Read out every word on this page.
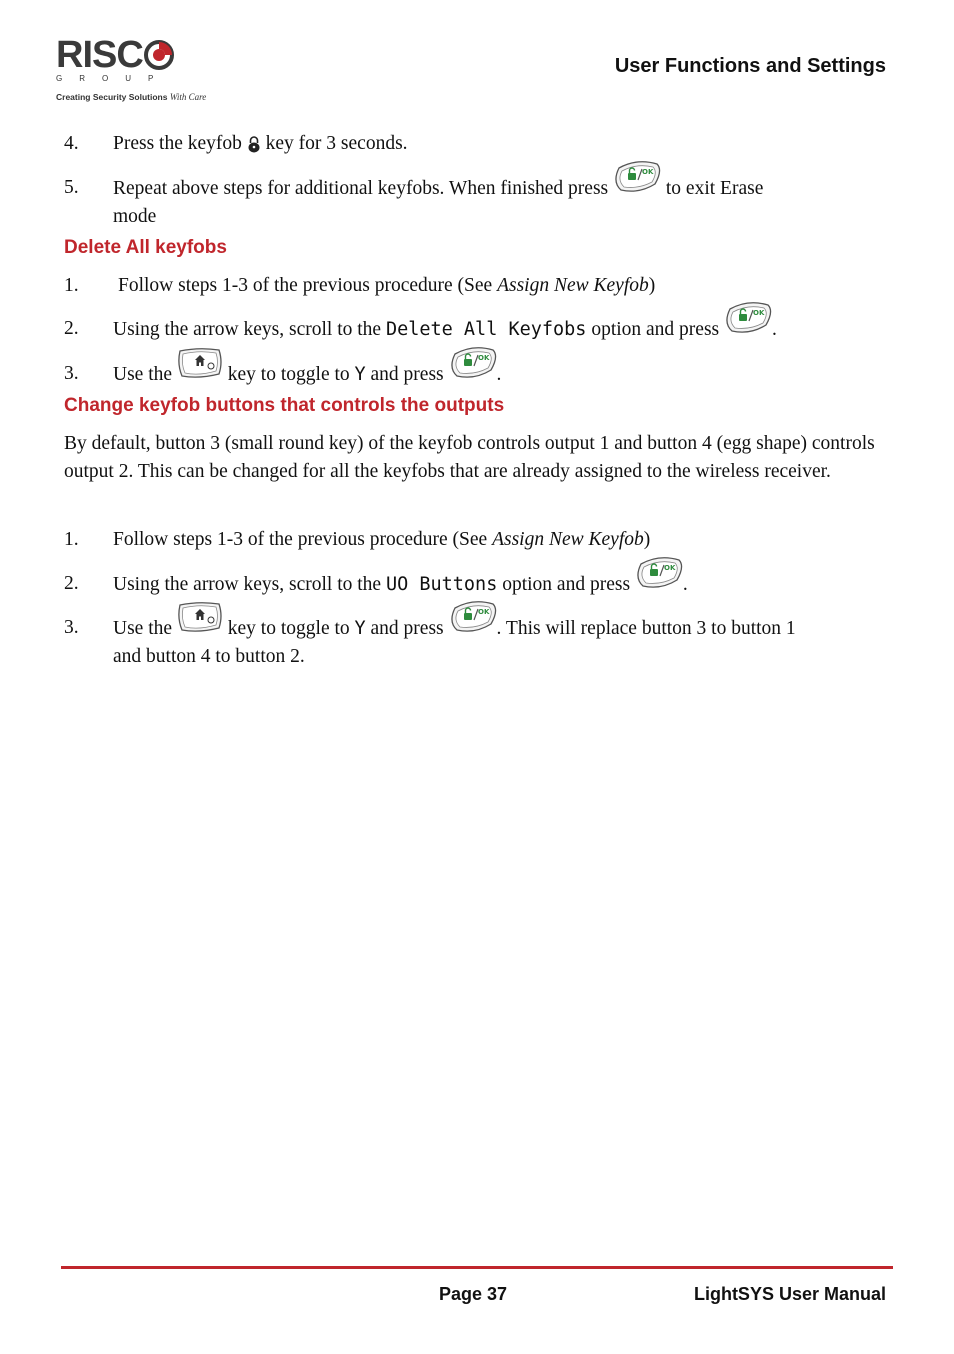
RISC
GROUP
Creating Security Solutions With Care
User Functions and Settings
4.	Press the keyfob  key for 3 seconds.
5.	Repeat above steps for additional keyfobs. When finished press  to exit Erase
mode
Delete All keyfobs
1.	Follow steps 1-3 of the previous procedure (See Assign New Keyfob)
2.	Using the arrow keys, scroll to the Delete All Keyfobs option and press .
3.	Use the  key to toggle to Y and press .
Change keyfob buttons that controls the outputs
By default, button 3 (small round key) of the keyfob controls output 1 and button 4 (egg shape) controls output 2. This can be changed for all the keyfobs that are already assigned to the wireless receiver.
1.	Follow steps 1-3 of the previous procedure (See Assign New Keyfob)
2.	Using the arrow keys, scroll to the UO Buttons option and press .
3.	Use the  key to toggle to Y and press . This will replace button 3 to button 1
and button 4 to button 2.
Page 37	LightSYS User Manual
